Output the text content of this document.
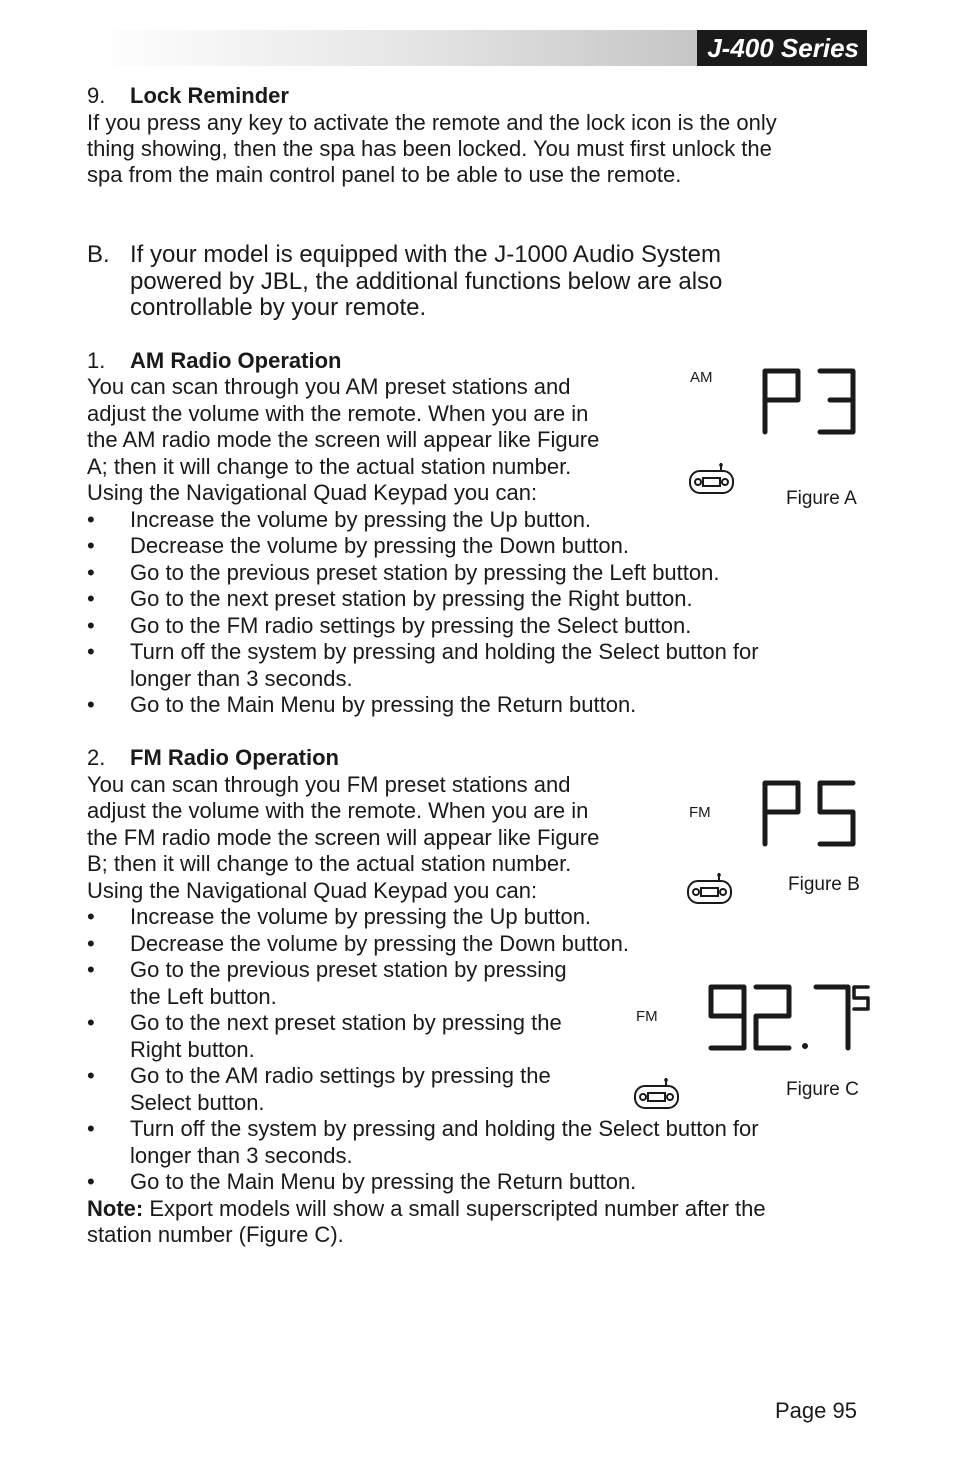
J-400 Series
9. Lock Reminder

If you press any key to activate the remote and the lock icon is the only

thing showing, then the spa has been locked. You must first unlock the

spa from the main control panel to be able to use the remote.

B. If your model is equipped with the J-1000 Audio System
powered by JBL, the additional functions below are also
controllable by your remote.
1. AM Radio Operation

You can scan through you AM preset stations and

adjust the volume with the remote. When you are in

the AM radio mode the screen will appear like Figure

A; then it will change to the actual station number.

Using the Navigational Quad Keypad you can:

• Increase the volume by pressing the Up button.
• Decrease the volume by pressing the Down button.
• Go to the previous preset station by pressing the Left button.
• Go to the next preset station by pressing the Right button.
• Go to the FM radio settings by pressing the Select button.
• Turn off the system by pressing and holding the Select button for

longer than 3 seconds.

• Go to the Main Menu by pressing the Return button.
AM
Figure A
2. FM Radio Operation

You can scan through you FM preset stations and

adjust the volume with the remote. When you are in

the FM radio mode the screen will appear like Figure

B; then it will change to the actual station number.

Using the Navigational Quad Keypad you can:

• Increase the volume by pressing the Up button.
• Decrease the volume by pressing the Down button.
• Go to the previous preset station by pressing

the Left button.

• Go to the next preset station by pressing the

Right button.

• Go to the AM radio settings by pressing the

Select button.

• Turn off the system by pressing and holding the Select button for

longer than 3 seconds.

• Go to the Main Menu by pressing the Return button.

Note: Export models will show a small superscripted number after the

station number (Figure C).

FM
Figure B
FM
Figure C
Page 95
